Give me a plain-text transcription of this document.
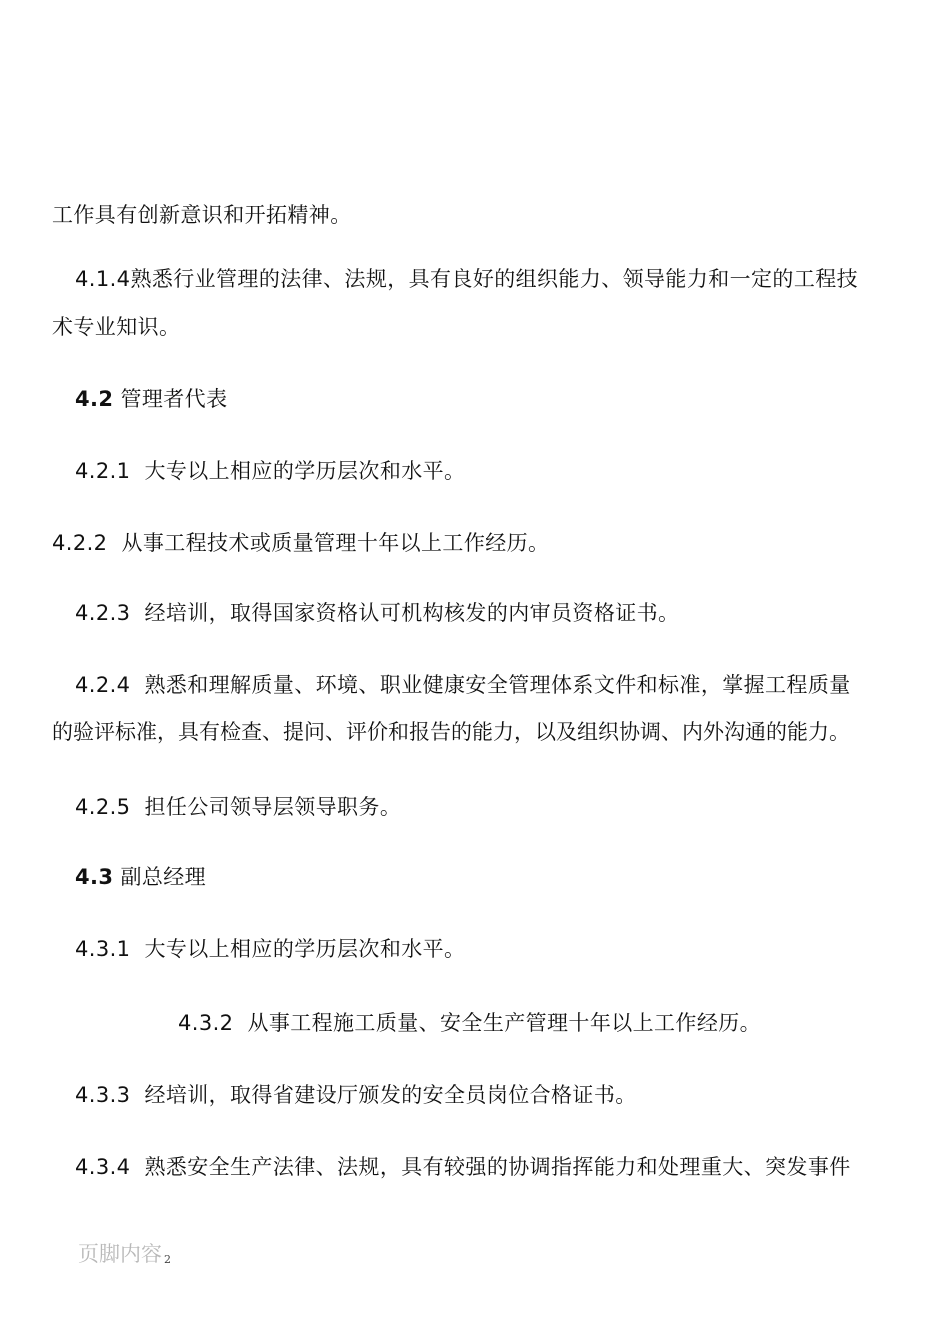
工作具有创新意识和开拓精神。
4.1.4熟悉行业管理的法律、法规，具有良好的组织能力、领导能力和一定的工程技
术专业知识。
4.2 管理者代表
4.2.1 大专以上相应的学历层次和水平。
4.2.2 从事工程技术或质量管理十年以上工作经历。
4.2.3 经培训，取得国家资格认可机构核发的内审员资格证书。
4.2.4 熟悉和理解质量、环境、职业健康安全管理体系文件和标准，掌握工程质量
的验评标准，具有检查、提问、评价和报告的能力，以及组织协调、内外沟通的能力。
4.2.5 担任公司领导层领导职务。
4.3 副总经理
4.3.1 大专以上相应的学历层次和水平。
4.3.2 从事工程施工质量、安全生产管理十年以上工作经历。
4.3.3 经培训，取得省建设厅颁发的安全员岗位合格证书。
4.3.4 熟悉安全生产法律、法规，具有较强的协调指挥能力和处理重大、突发事件
页脚内容 2
